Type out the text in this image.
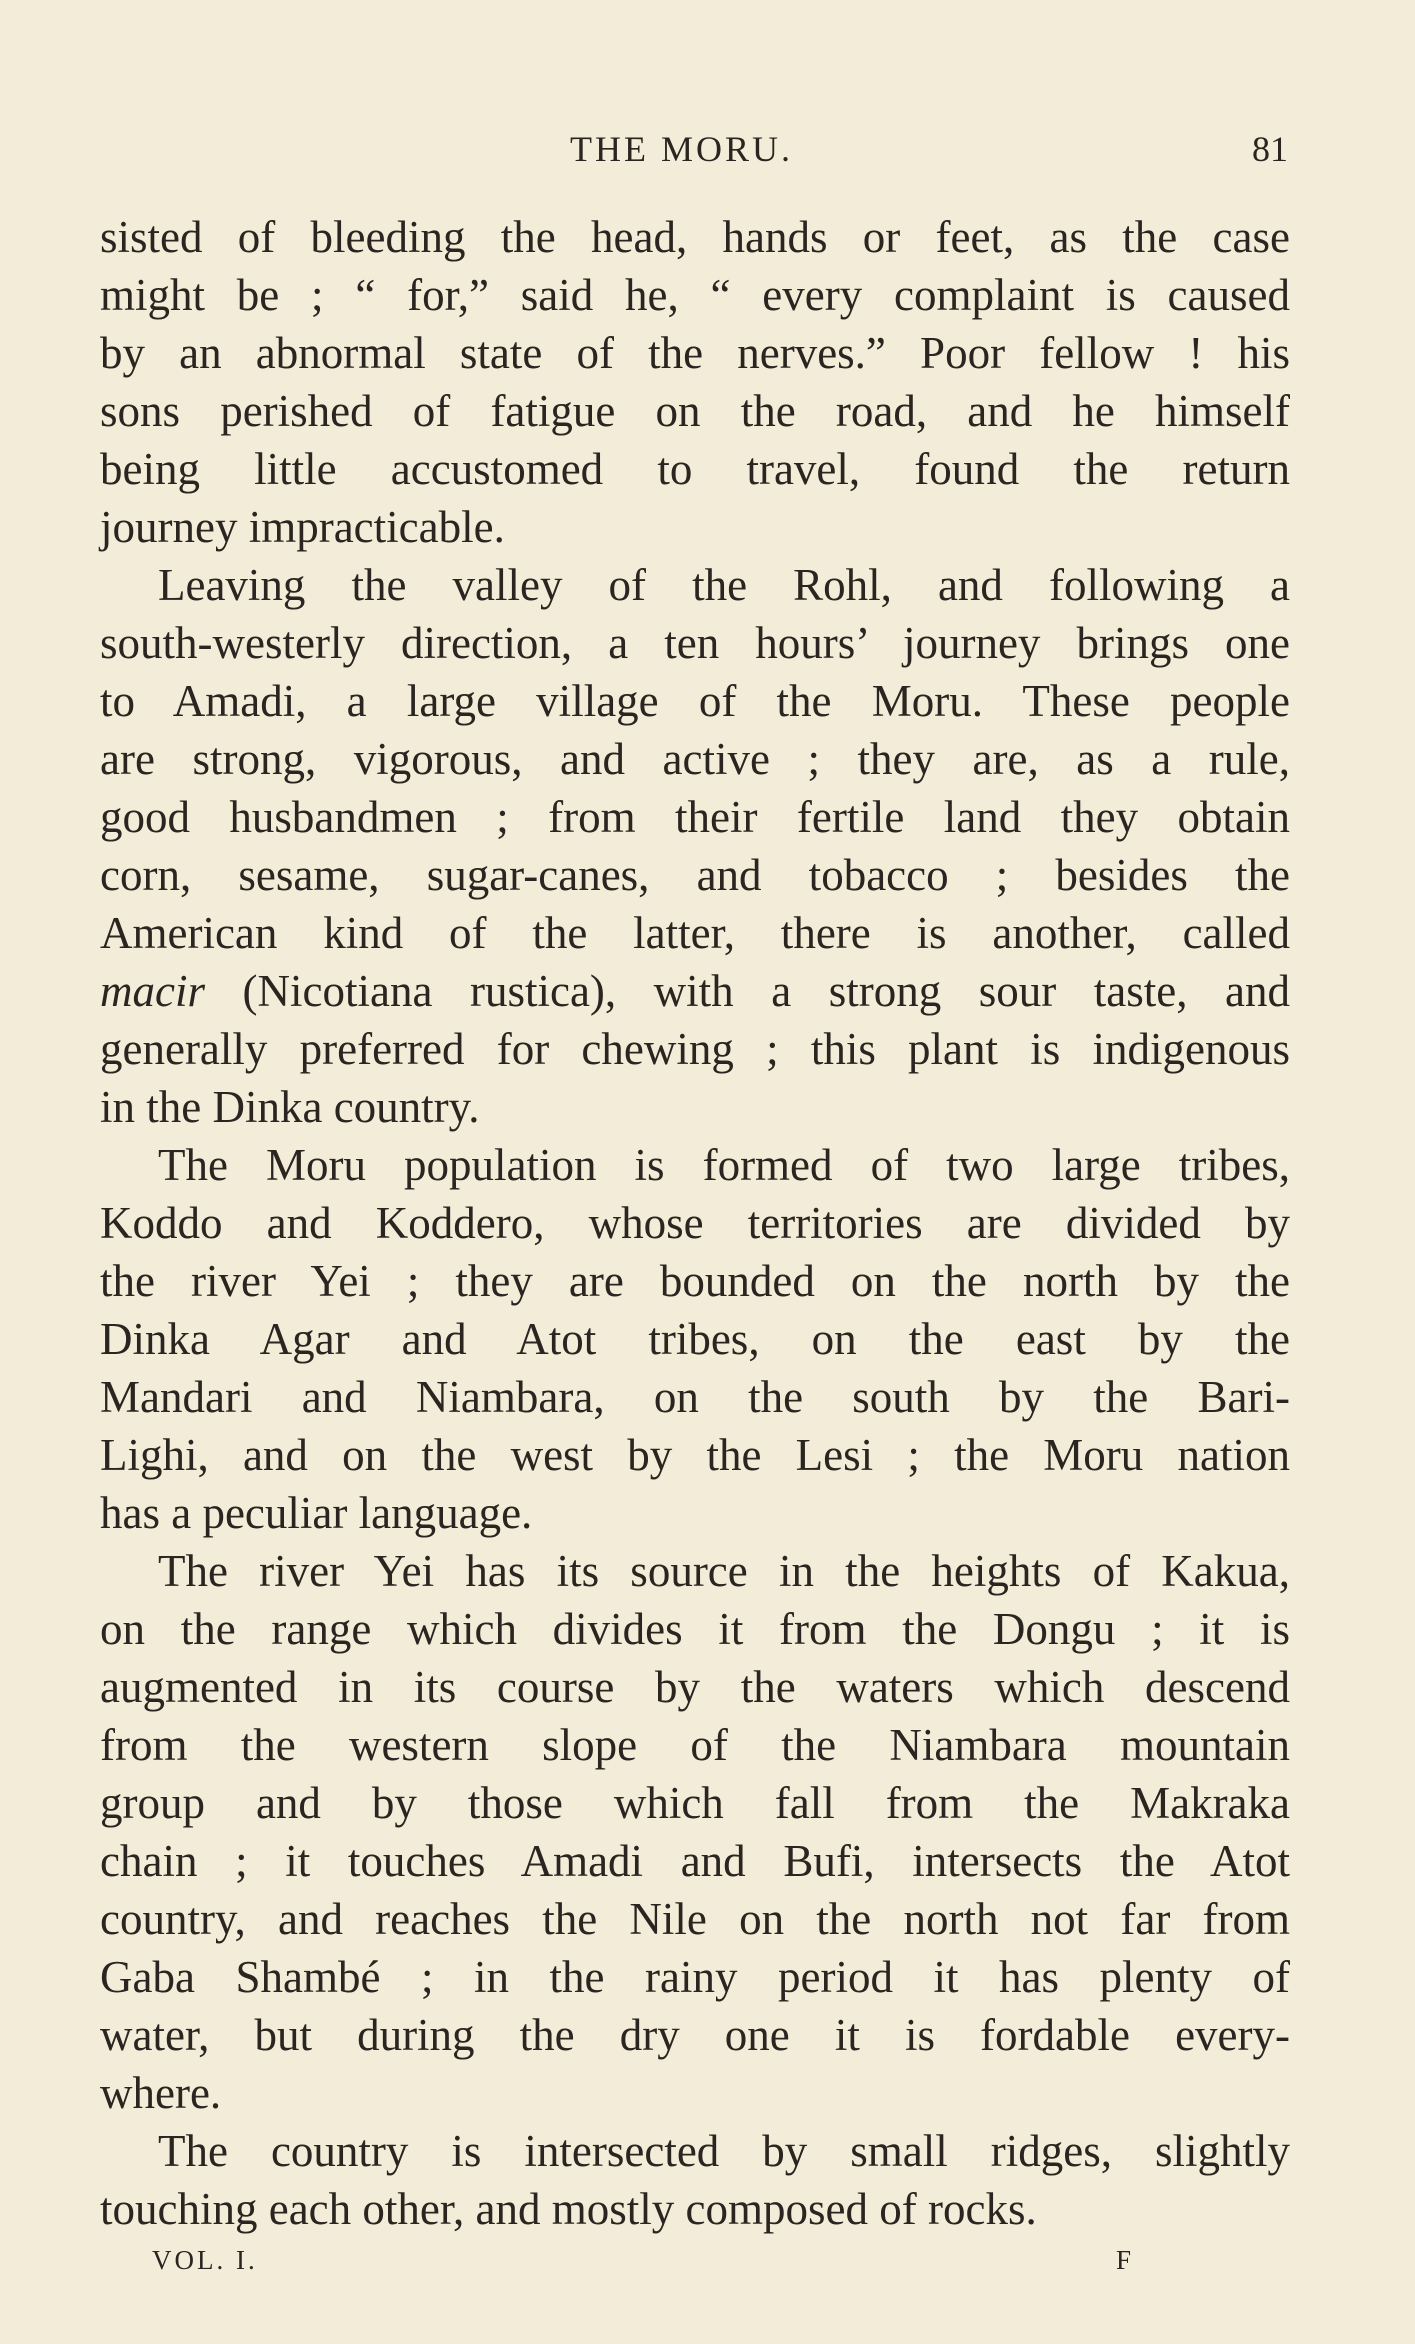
THE MORU.	81
sisted of bleeding the head, hands or feet, as the case
might be ; “ for,” said he, “ every complaint is caused
by an abnormal state of the nerves.” Poor fellow ! his
sons perished of fatigue on the road, and he himself
being little accustomed to travel, found the return
journey impracticable.
Leaving the valley of the Rohl, and following a
south-westerly direction, a ten hours’ journey brings one
to Amadi, a large village of the Moru. These people
are strong, vigorous, and active ; they are, as a rule,
good husbandmen ; from their fertile land they obtain
corn, sesame, sugar-canes, and tobacco ; besides the
American kind of the latter, there is another, called
macir (Nicotiana rustica), with a strong sour taste, and
generally preferred for chewing ; this plant is indigenous
in the Dinka country.
The Moru population is formed of two large tribes,
Koddo and Koddero, whose territories are divided by
the river Yei ; they are bounded on the north by the
Dinka Agar and Atot tribes, on the east by the
Mandari and Niambara, on the south by the Bari-
Lighi, and on the west by the Lesi ; the Moru nation
has a peculiar language.
The river Yei has its source in the heights of Kakua,
on the range which divides it from the Dongu ; it is
augmented in its course by the waters which descend
from the western slope of the Niambara mountain
group and by those which fall from the Makraka
chain ; it touches Amadi and Bufi, intersects the Atot
country, and reaches the Nile on the north not far from
Gaba Shambé ; in the rainy period it has plenty of
water, but during the dry one it is fordable every-
where.
The country is intersected by small ridges, slightly
touching each other, and mostly composed of rocks.
VOL. I.	F
